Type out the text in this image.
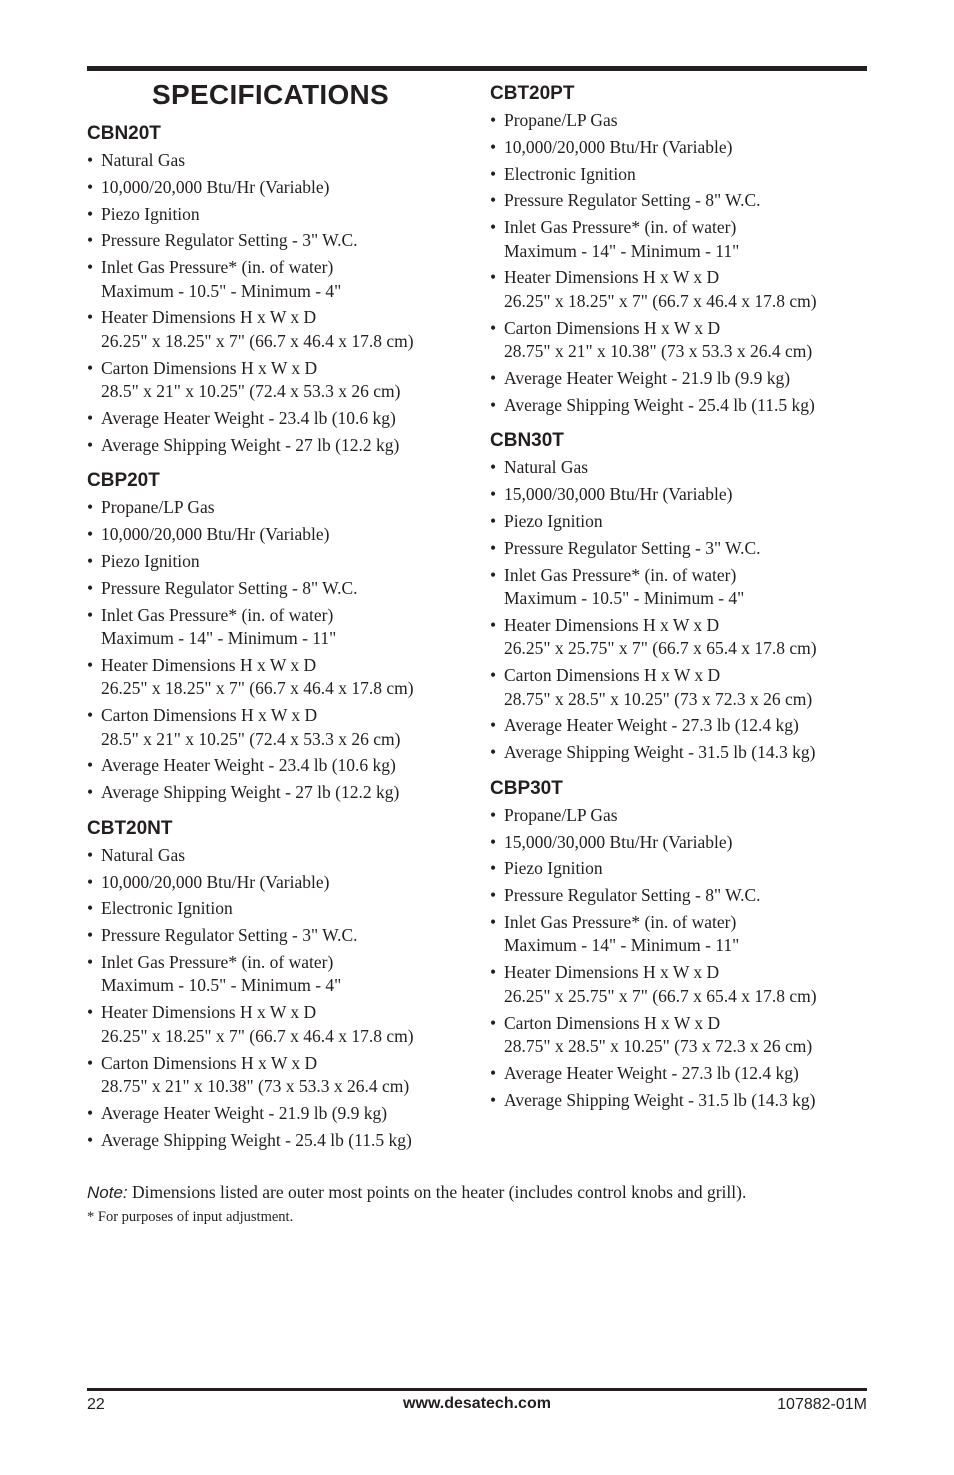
SPECIFICATIONS
CBN20T
• Natural Gas
• 10,000/20,000 Btu/Hr (Variable)
• Piezo Ignition
• Pressure Regulator Setting - 3" W.C.
• Inlet Gas Pressure* (in. of water)
Maximum - 10.5" - Minimum - 4"
• Heater Dimensions H x W x D
26.25" x 18.25" x 7" (66.7 x 46.4 x 17.8 cm)
• Carton Dimensions H x W x D
28.5" x 21" x 10.25" (72.4 x 53.3 x 26 cm)
• Average Heater Weight - 23.4 lb (10.6 kg)
• Average Shipping Weight - 27 lb (12.2 kg)
CBP20T
• Propane/LP Gas
• 10,000/20,000 Btu/Hr (Variable)
• Piezo Ignition
• Pressure Regulator Setting - 8" W.C.
• Inlet Gas Pressure* (in. of water)
Maximum - 14" - Minimum - 11"
• Heater Dimensions H x W x D
26.25" x 18.25" x 7" (66.7 x 46.4 x 17.8 cm)
• Carton Dimensions H x W x D
28.5" x 21" x 10.25" (72.4 x 53.3 x 26 cm)
• Average Heater Weight - 23.4 lb (10.6 kg)
• Average Shipping Weight - 27 lb (12.2 kg)
CBT20NT
• Natural Gas
• 10,000/20,000 Btu/Hr (Variable)
• Electronic Ignition
• Pressure Regulator Setting - 3" W.C.
• Inlet Gas Pressure* (in. of water)
Maximum - 10.5" - Minimum - 4"
• Heater Dimensions H x W x D
26.25" x 18.25" x 7" (66.7 x 46.4 x 17.8 cm)
• Carton Dimensions H x W x D
28.75" x 21" x 10.38" (73 x 53.3 x 26.4 cm)
• Average Heater Weight - 21.9 lb (9.9 kg)
• Average Shipping Weight - 25.4 lb (11.5 kg)
CBT20PT
• Propane/LP Gas
• 10,000/20,000 Btu/Hr (Variable)
• Electronic Ignition
• Pressure Regulator Setting - 8" W.C.
• Inlet Gas Pressure* (in. of water)
Maximum - 14" - Minimum - 11"
• Heater Dimensions H x W x D
26.25" x 18.25" x 7" (66.7 x 46.4 x 17.8 cm)
• Carton Dimensions H x W x D
28.75" x 21" x 10.38" (73 x 53.3 x 26.4 cm)
• Average Heater Weight - 21.9 lb (9.9 kg)
• Average Shipping Weight - 25.4 lb (11.5 kg)
CBN30T
• Natural Gas
• 15,000/30,000 Btu/Hr (Variable)
• Piezo Ignition
• Pressure Regulator Setting - 3" W.C.
• Inlet Gas Pressure* (in. of water)
Maximum - 10.5" - Minimum - 4"
• Heater Dimensions H x W x D
26.25" x 25.75" x 7" (66.7 x 65.4 x 17.8 cm)
• Carton Dimensions H x W x D
28.75" x 28.5" x 10.25" (73 x 72.3 x 26 cm)
• Average Heater Weight - 27.3 lb (12.4 kg)
• Average Shipping Weight - 31.5 lb (14.3 kg)
CBP30T
• Propane/LP Gas
• 15,000/30,000 Btu/Hr (Variable)
• Piezo Ignition
• Pressure Regulator Setting - 8" W.C.
• Inlet Gas Pressure* (in. of water)
Maximum - 14" - Minimum - 11"
• Heater Dimensions H x W x D
26.25" x 25.75" x 7" (66.7 x 65.4 x 17.8 cm)
• Carton Dimensions H x W x D
28.75" x 28.5" x 10.25" (73 x 72.3 x 26 cm)
• Average Heater Weight - 27.3 lb (12.4 kg)
• Average Shipping Weight - 31.5 lb (14.3 kg)
Note: Dimensions listed are outer most points on the heater (includes control knobs and grill).
* For purposes of input adjustment.
22	www.desatech.com	107882-01M
